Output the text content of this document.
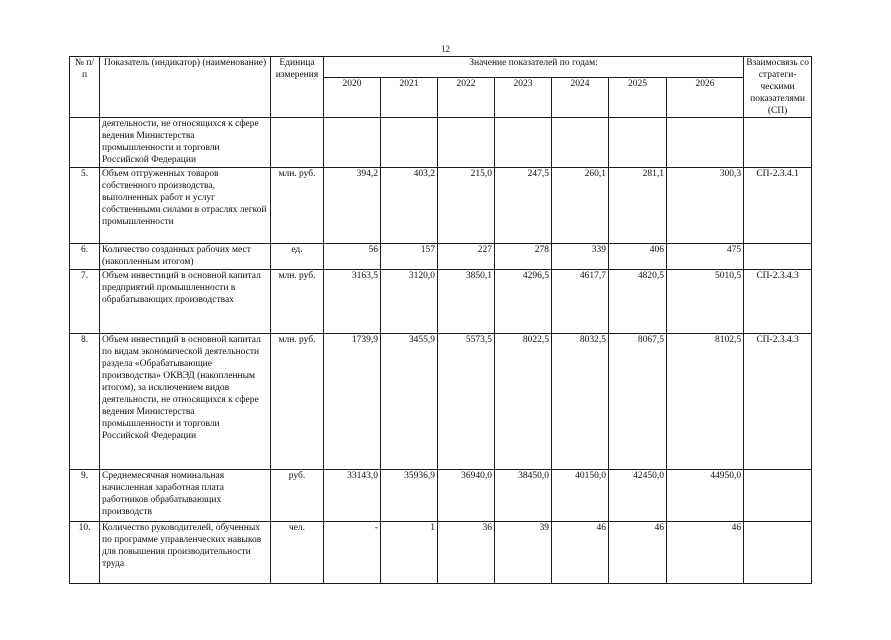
12
№ п/ п	Показатель (индикатор) (наименование)	Единица измерения	Значение показателей по годам:							Взаимосвязь со стратеги-ческими показателями (СП)
			2020	2021	2022	2023	2024	2025	2026	
	деятельности, не относящихся к сфере ведения Министерства промышленности и торговли Российской Федерации									
5.	Объем отгруженных товаров собственного производства, выполненных работ и услуг собственными силами в отраслях легкой промышленности	млн. руб.	394,2	403,2	215,0	247,5	260,1	281,1	300,3	СП-2.3.4.1
6.	Количество созданных рабочих мест (накопленным итогом)	ед.	56	157	227	278	339	406	475	
7.	Объем инвестиций в основной капитал предприятий промышленности в обрабатывающих производствах	млн. руб.	3163,5	3120,0	3850,1	4296,5	4617,7	4820,5	5010,5	СП-2.3.4.3
8.	Объем инвестиций в основной капитал по видам экономической деятельности раздела «Обрабатывающие производства» ОКВЭД (накопленным итогом), за исключением видов деятельности, не относящихся к сфере ведения Министерства промышленности и торговли Российской Федерации	млн. руб.	1739,9	3455,9	5573,5	8022,5	8032,5	8067,5	8102,5	СП-2.3.4.3
9.	Среднемесячная номинальная начисленная заработная плата работников обрабатывающих производств	руб.	33143,0	35936,9	36940,0	38450,0	40150,0	42450,0	44950,0	
10.	Количество руководителей, обученных по программе управленческих навыков для повышения производительности труда	чел.	-	1	36	39	46	46	46	
